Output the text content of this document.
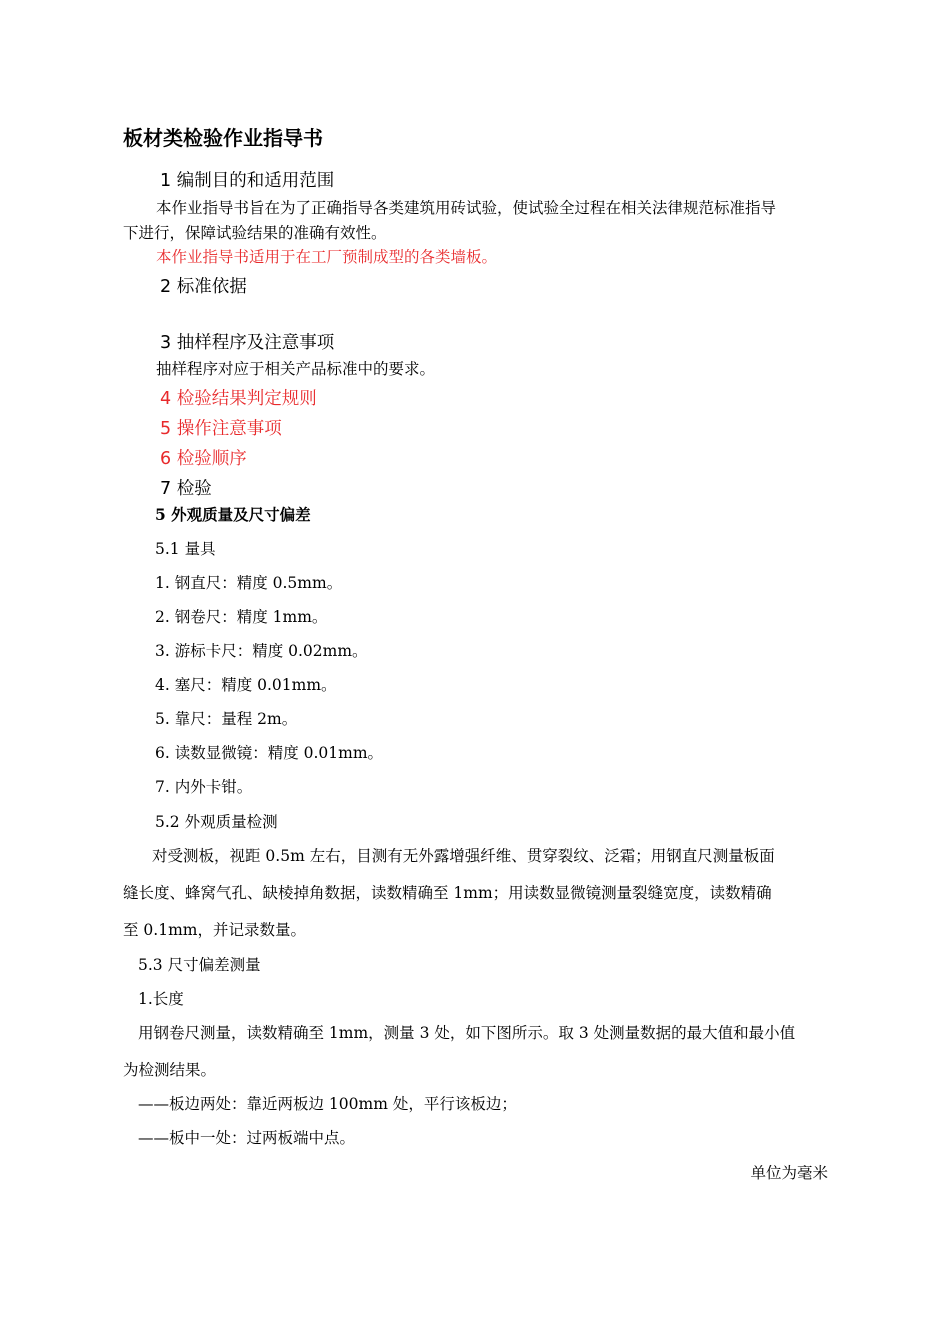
板材类检验作业指导书
1 编制目的和适用范围
本作业指导书旨在为了正确指导各类建筑用砖试验，使试验全过程在相关法律规范标准指导
下进行，保障试验结果的准确有效性。
本作业指导书适用于在工厂预制成型的各类墙板。
2 标准依据
3 抽样程序及注意事项
抽样程序对应于相关产品标准中的要求。
4 检验结果判定规则
5 操作注意事项
6 检验顺序
7 检验
5 外观质量及尺寸偏差
5.1 量具
1. 钢直尺：精度 0.5mm。
2. 钢卷尺：精度 1mm。
3. 游标卡尺：精度 0.02mm。
4. 塞尺：精度 0.01mm。
5. 靠尺：量程 2m。
6. 读数显微镜：精度 0.01mm。
7. 内外卡钳。
5.2 外观质量检测
对受测板，视距 0.5m 左右，目测有无外露增强纤维、贯穿裂纹、泛霜；用钢直尺测量板面
缝长度、蜂窝气孔、缺棱掉角数据，读数精确至 1mm；用读数显微镜测量裂缝宽度，读数精确
至 0.1mm，并记录数量。
5.3 尺寸偏差测量
1.长度
用钢卷尺测量，读数精确至 1mm，测量 3 处，如下图所示。取 3 处测量数据的最大值和最小值
为检测结果。
——板边两处：靠近两板边 100mm 处，平行该板边；
——板中一处：过两板端中点。
单位为毫米
